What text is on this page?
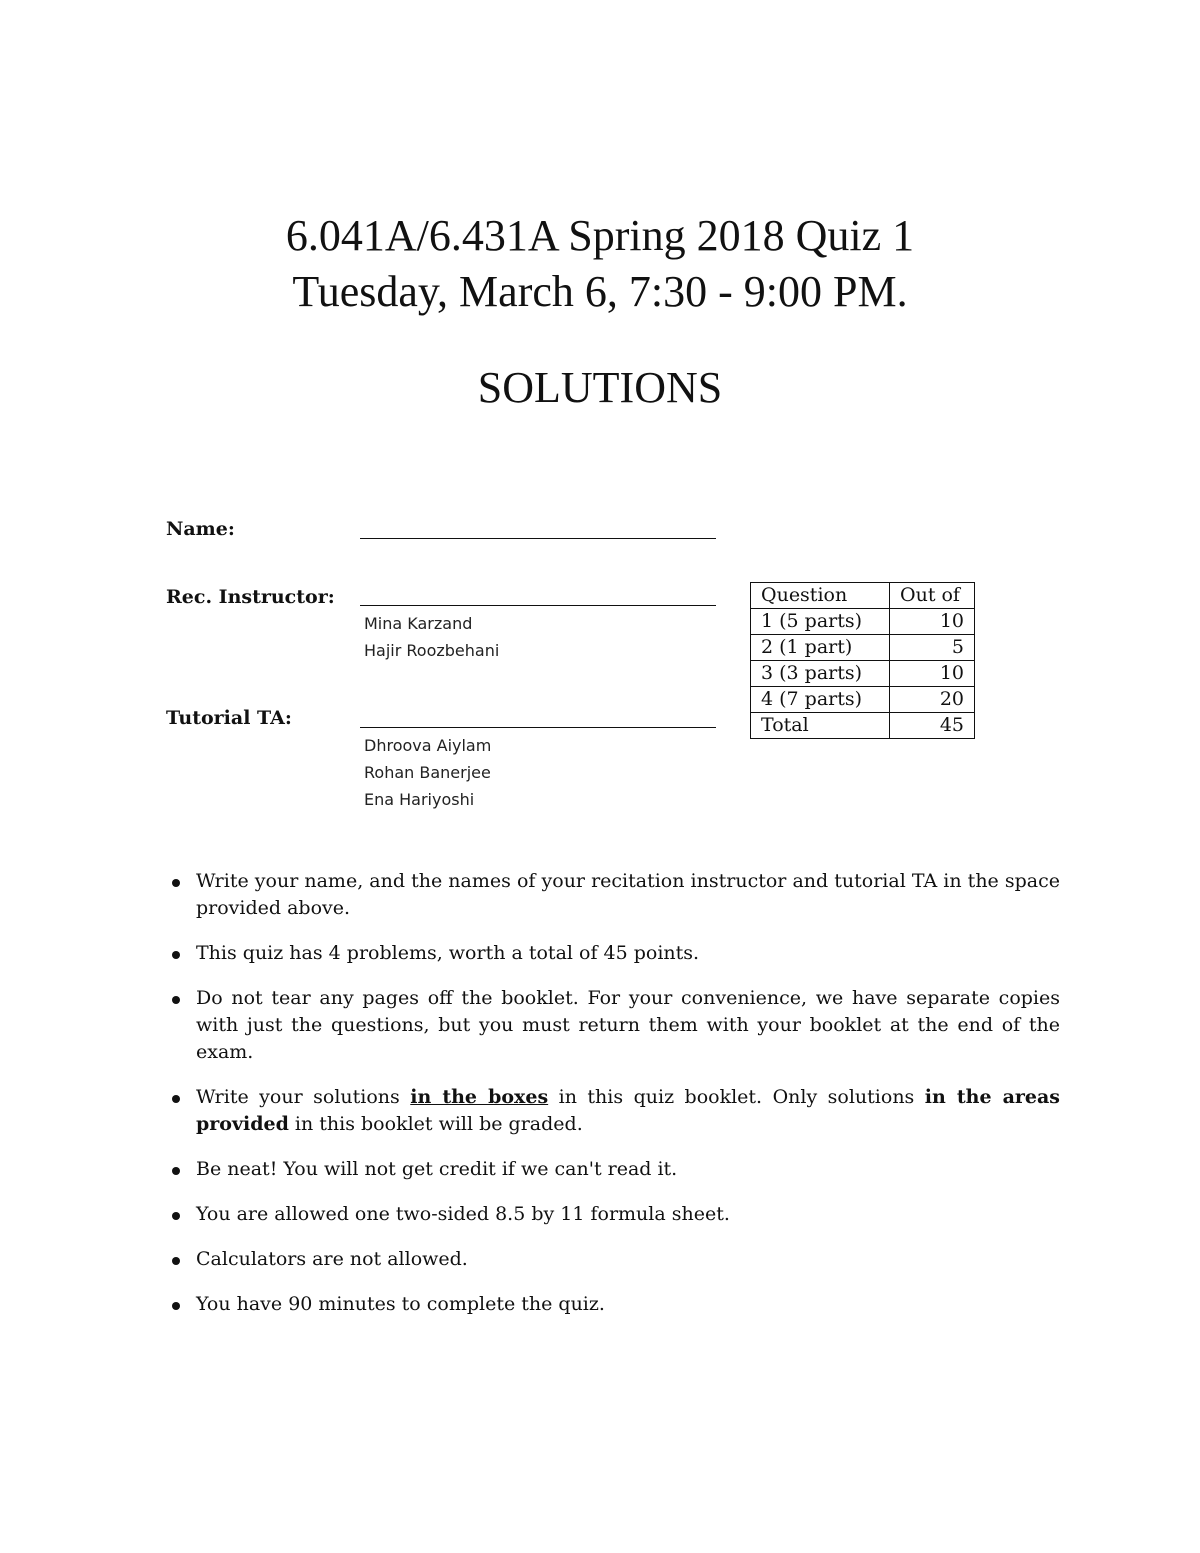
6.041A/6.431A Spring 2018 Quiz 1
Tuesday, March 6, 7:30 - 9:00 PM.
SOLUTIONS
Name:
Rec. Instructor:
Mina Karzand
Hajir Roozbehani
Tutorial TA:
Dhroova Aiylam
Rohan Banerjee
Ena Hariyoshi
Question	Out of
1 (5 parts)	10
2 (1 part)	5
3 (3 parts)	10
4 (7 parts)	20
Total	45
Write your name, and the names of your recitation instructor and tutorial TA in the space provided above.
This quiz has 4 problems, worth a total of 45 points.
Do not tear any pages off the booklet. For your convenience, we have separate copies with just the questions, but you must return them with your booklet at the end of the exam.
Write your solutions in the boxes in this quiz booklet. Only solutions in the areas provided in this booklet will be graded.
Be neat! You will not get credit if we can't read it.
You are allowed one two-sided 8.5 by 11 formula sheet.
Calculators are not allowed.
You have 90 minutes to complete the quiz.
